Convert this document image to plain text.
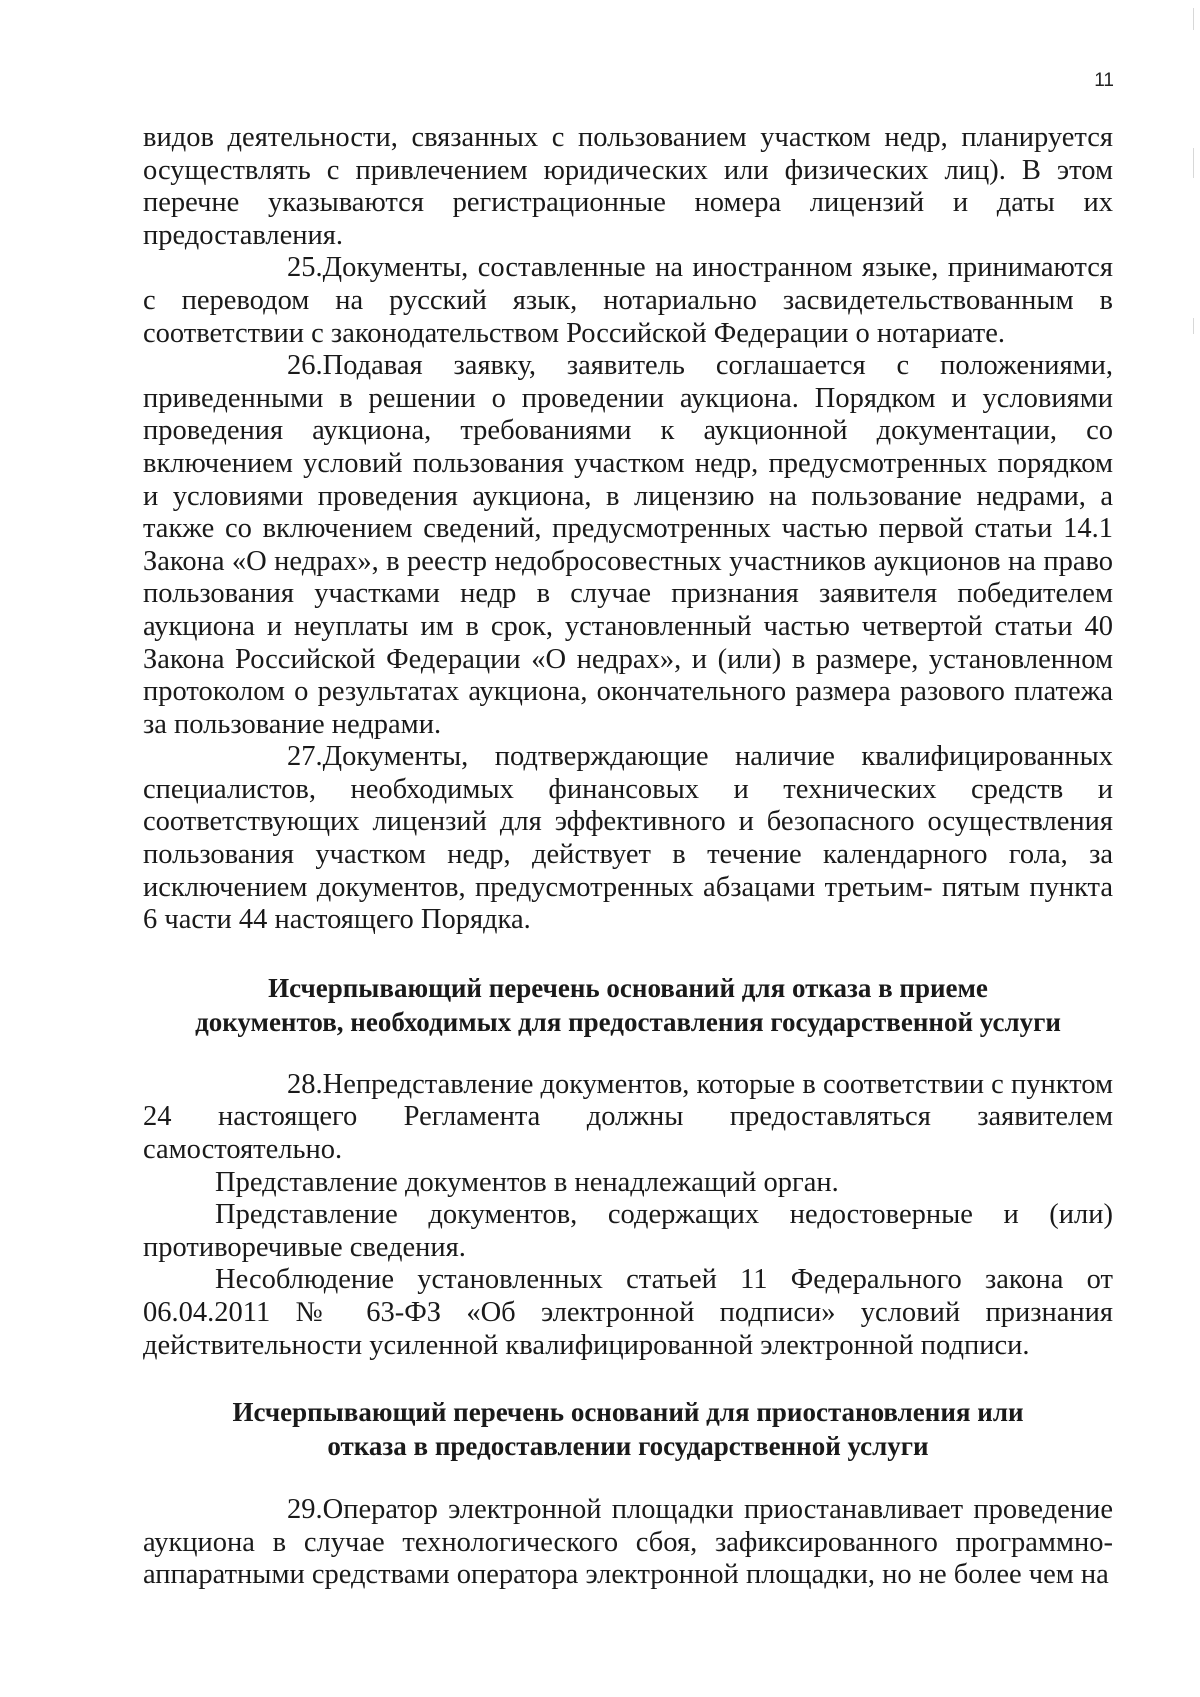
11

видов деятельности, связанных с пользованием участком недр, планируется осуществлять с привлечением юридических или физических лиц). В этом перечне указываются регистрационные номера лицензий и даты их предоставления.

25.Документы, составленные на иностранном языке, принимаются с переводом на русский язык, нотариально засвидетельствованным в соответствии с законодательством Российской Федерации о нотариате.

26.Подавая заявку, заявитель соглашается с положениями, приведенными в решении о проведении аукциона. Порядком и условиями проведения аукциона, требованиями к аукционной документации, со включением условий пользования участком недр, предусмотренных порядком и условиями проведения аукциона, в лицензию на пользование недрами, а также со включением сведений, предусмотренных частью первой статьи 14.1 Закона «О недрах», в реестр недобросовестных участников аукционов на право пользования участками недр в случае признания заявителя победителем аукциона и неуплаты им в срок, установленный частью четвертой статьи 40 Закона Российской Федерации «О недрах», и (или) в размере, установленном протоколом о результатах аукциона, окончательного размера разового платежа за пользование недрами.

27.Документы, подтверждающие наличие квалифицированных специалистов, необходимых финансовых и технических средств и соответствующих лицензий для эффективного и безопасного осуществления пользования участком недр, действует в течение календарного гола, за исключением документов, предусмотренных абзацами третьим- пятым пункта 6 части 44 настоящего Порядка.

Исчерпывающий перечень оснований для отказа в приеме
документов, необходимых для предоставления государственной услуги

28.Непредставление документов, которые в соответствии с пунктом 24 настоящего Регламента должны предоставляться заявителем самостоятельно.

Представление документов в ненадлежащий орган.

Представление документов, содержащих недостоверные и (или) противоречивые сведения.

Несоблюдение установленных статьей 11 Федерального закона от 06.04.2011 № 63-ФЗ «Об электронной подписи» условий признания действительности усиленной квалифицированной электронной подписи.

Исчерпывающий перечень оснований для приостановления или
отказа в предоставлении государственной услуги

29.Оператор электронной площадки приостанавливает проведение аукциона в случае технологического сбоя, зафиксированного программно-аппаратными средствами оператора электронной площадки, но не более чем на
